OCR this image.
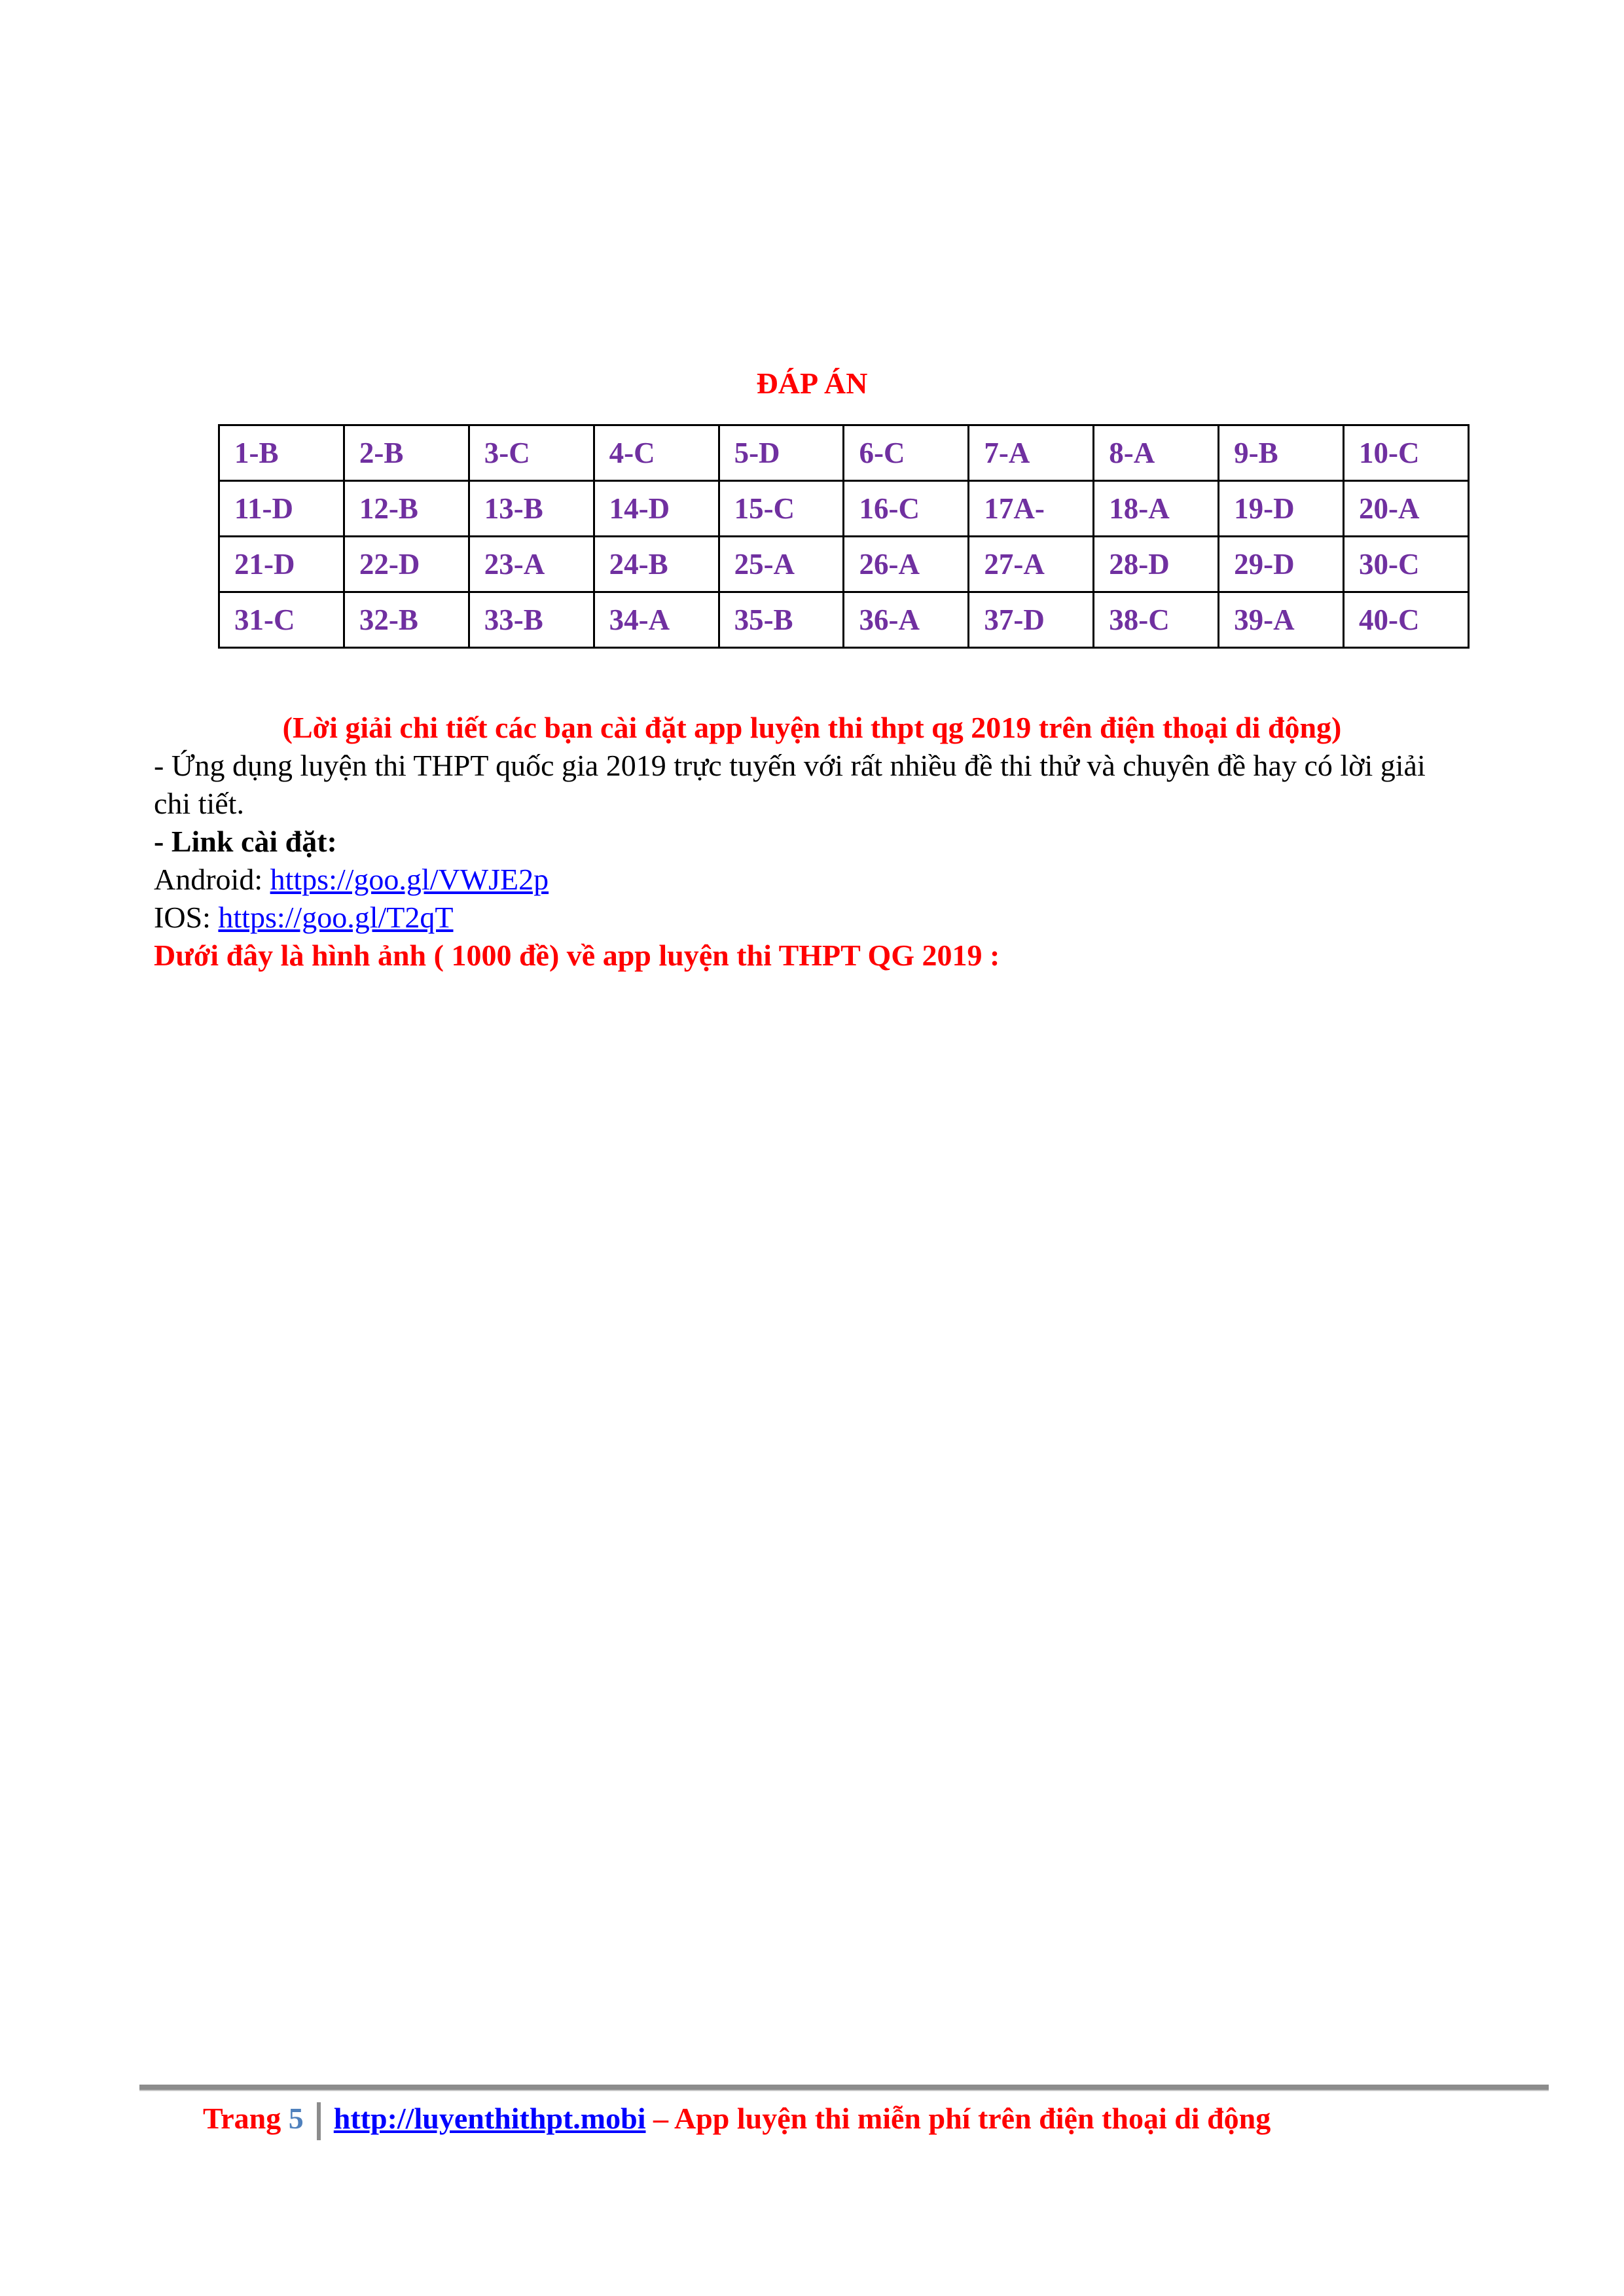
ĐÁP ÁN
1-B	2-B	3-C	4-C	5-D	6-C	7-A	8-A	9-B	10-C
11-D	12-B	13-B	14-D	15-C	16-C	17A-	18-A	19-D	20-A
21-D	22-D	23-A	24-B	25-A	26-A	27-A	28-D	29-D	30-C
31-C	32-B	33-B	34-A	35-B	36-A	37-D	38-C	39-A	40-C
(Lời giải chi tiết các bạn cài đặt app luyện thi thpt qg 2019 trên điện thoại di động)
- Ứng dụng luyện thi THPT quốc gia 2019 trực tuyến với rất nhiều đề thi thử và chuyên đề hay có lời giải
chi tiết.
- Link cài đặt:
Android: https://goo.gl/VWJE2p
IOS: https://goo.gl/T2qT
Dưới đây là hình ảnh ( 1000 đề) về app luyện thi THPT QG 2019 :
Trang 5 http://luyenthithpt.mobi – App luyện thi miễn phí trên điện thoại di động
